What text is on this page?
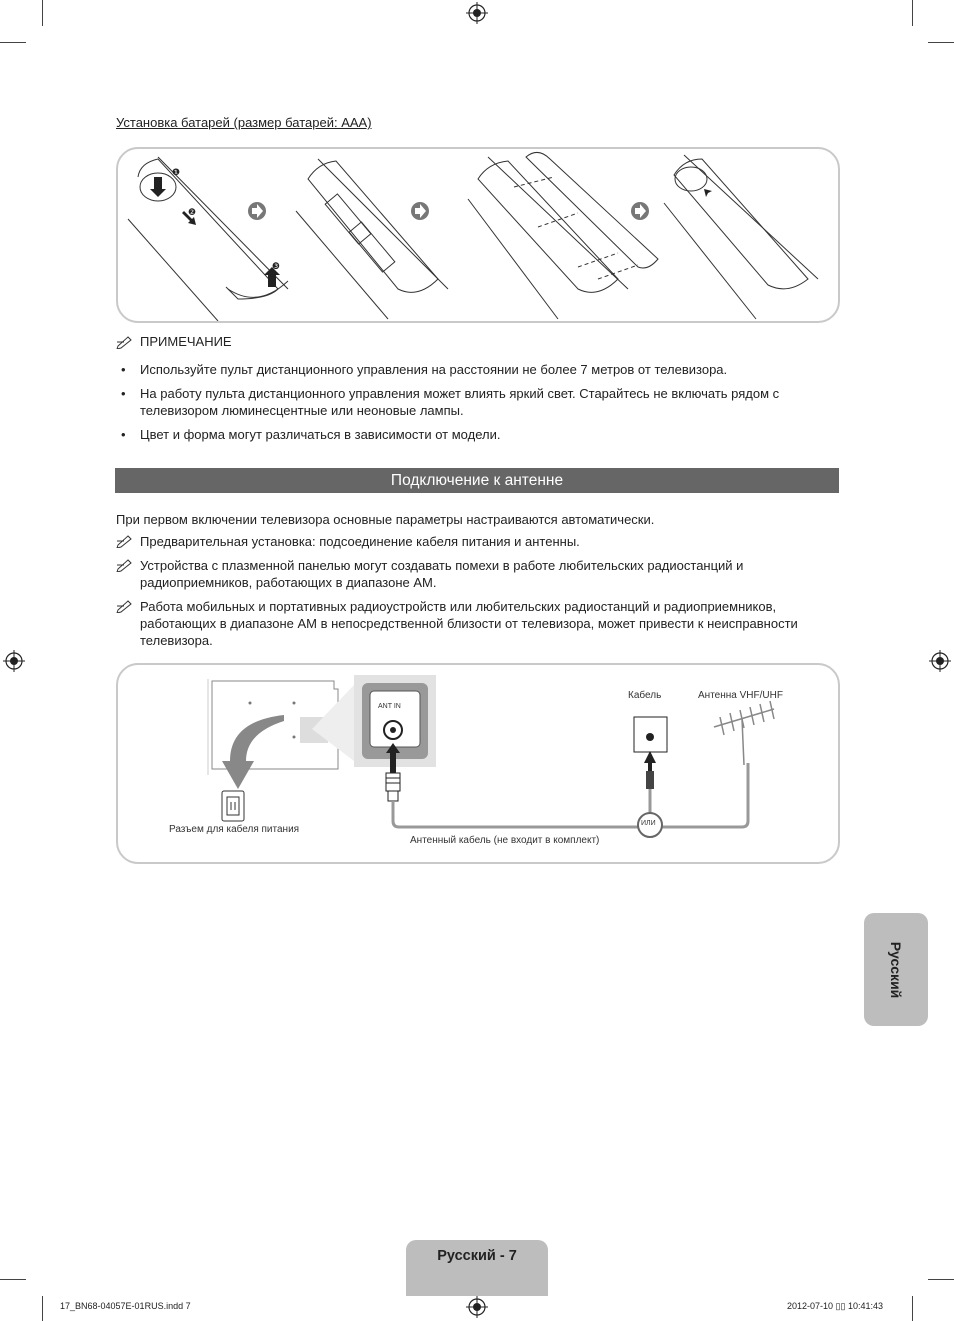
Установка батарей (размер батарей: AAA)
❶
❷
❸
ПРИМЕЧАНИЕ
• Используйте пульт дистанционного управления на расстоянии не более 7 метров от телевизора.
• На работу пульта дистанционного управления может влиять яркий свет. Старайтесь не включать рядом с телевизором люминесцентные или неоновые лампы.
• Цвет и форма могут различаться в зависимости от модели.
Подключение к антенне
При первом включении телевизора основные параметры настраиваются автоматически.
Предварительная установка: подсоединение кабеля питания и антенны.
Устройства с плазменной панелью могут создавать помехи в работе любительских радиостанций и радиоприемников, работающих в диапазоне AM.
Работа мобильных и портативных радиоустройств или любительских радиостанций и радиоприемников, работающих в диапазоне AM в непосредственной близости от телевизора, может привести к неисправности телевизора.
ANT IN
Кабель	Антенна VHF/UHF
ИЛИ
Разъем для кабеля питания
Антенный кабель (не входит в комплект)
Русский
Русский - 7
17_BN68-04057E-01RUS.indd 7	2012-07-10 ▯▯ 10:41:43
